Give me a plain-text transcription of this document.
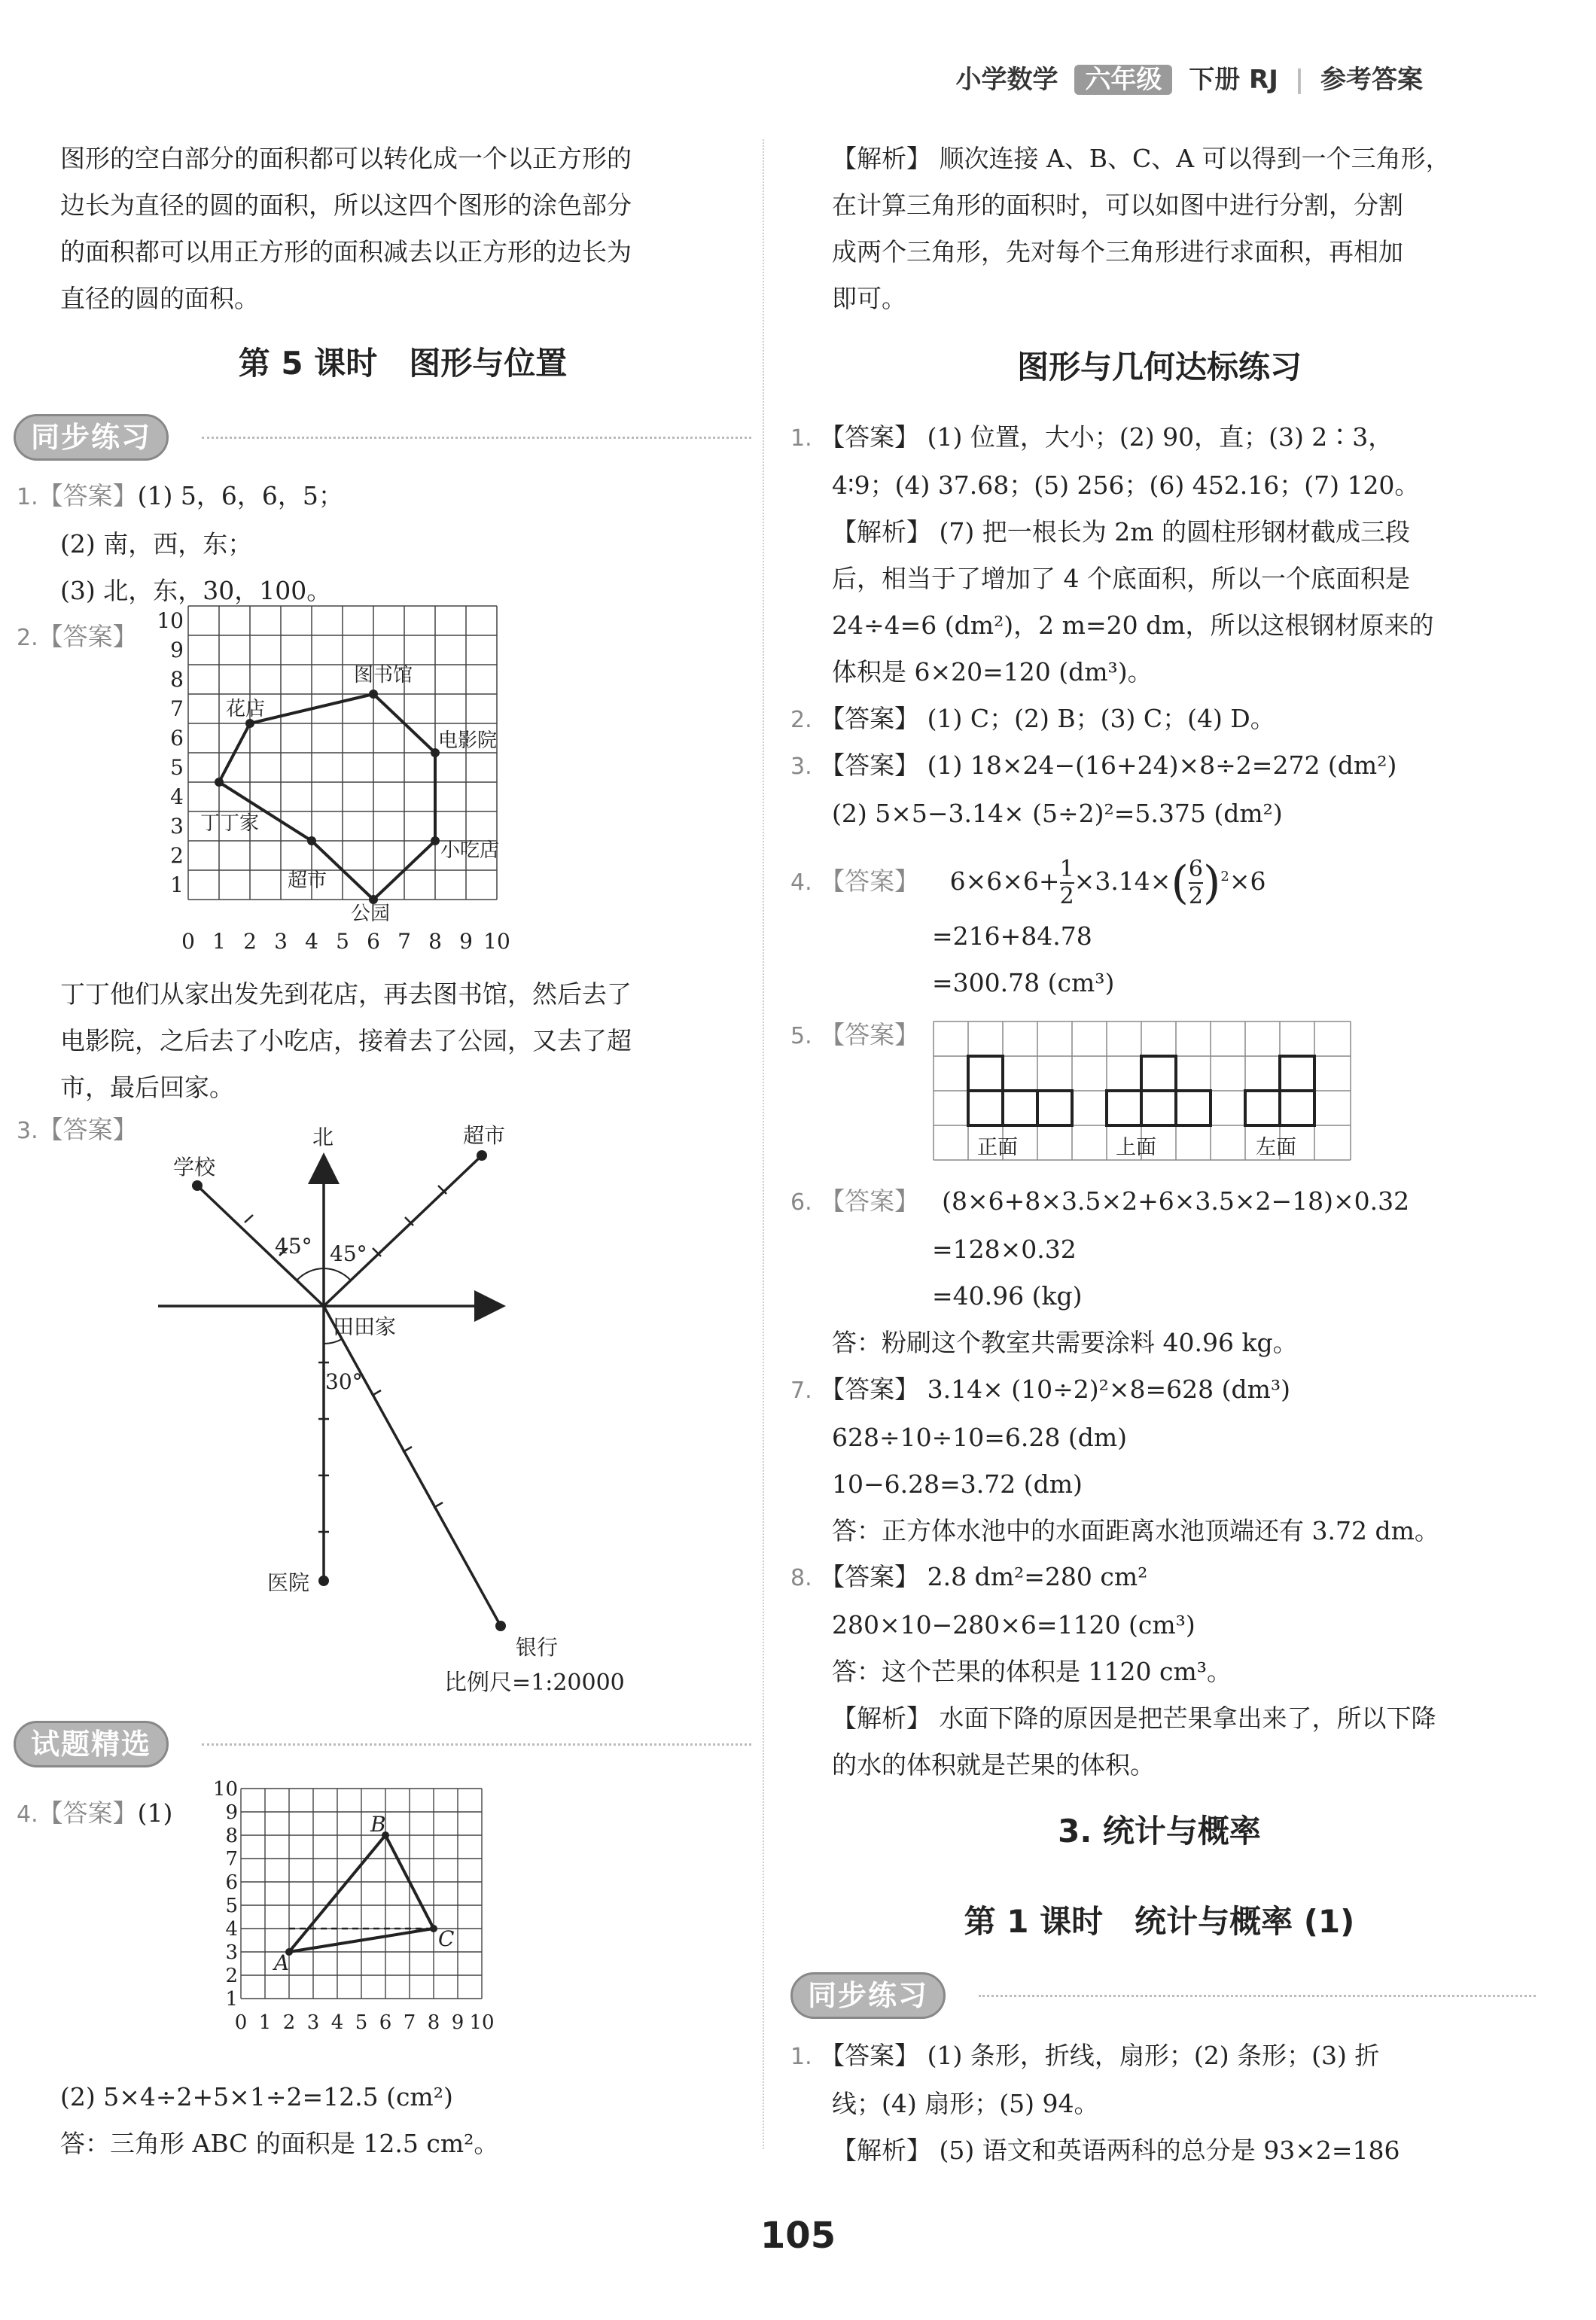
小学数学 六年级 下册 RJ | 参考答案

图形的空白部分的面积都可以转化成一个以正方形的

边长为直径的圆的面积，所以这四个图形的涂色部分

的面积都可以用正方形的面积减去以正方形的边长为

直径的圆的面积。

第 5 课时　图形与位置
同步练习

1.【答案】(1) 5，6，6，5；

(2) 南，西，东；

(3) 北，东，30，100。

2.【答案】

花店
图书馆
电影院
丁丁家
超市
小吃店
公园
10
9
8
7
6
5
4
3
2
1
0 1 2 3 4 5 6 7 8 9 10

丁丁他们从家出发先到花店，再去图书馆，然后去了

电影院，之后去了小吃店，接着去了公园，又去了超

市，最后回家。

3.【答案】	北
学校
超市
田田家
医院
银行
45° 45°
30°
比例尺=1:20000
试题精选

4.【答案】(1)

A
B
C
10
9
8
7
6
5
4
3
2
1
0 1 2 3 4 5 6 7 8 9 10

(2) 5×4÷2+5×1÷2=12.5 (cm²)

答：三角形 ABC 的面积是 12.5 cm²。

【解析】 顺次连接 A、B、C、A 可以得到一个三角形，

在计算三角形的面积时，可以如图中进行分割，分割

成两个三角形，先对每个三角形进行求面积，再相加

即可。

图形与几何达标练习

1. 【答案】 (1) 位置，大小；(2) 90，直；(3) 2∶3，

4∶9；(4) 37.68；(5) 256；(6) 452.16；(7) 120。

【解析】 (7) 把一根长为 2m 的圆柱形钢材截成三段

后，相当于了增加了 4 个底面积，所以一个底面积是

24÷4=6 (dm²)，2 m=20 dm，所以这根钢材原来的

体积是 6×20=120 (dm³)。

2. 【答案】 (1) C；(2) B；(3) C；(4) D。

3. 【答案】 (1) 18×24−(16+24)×8÷2=272 (dm²)

(2) 5×5−3.14× (5÷2)²=5.375 (dm²)

4. 【答案】 $6\times 6\times 6+ \frac{1}{2} \times 3.14\times( \frac{6}{2} )^2\times 6$

=216+84.78

=300.78 (cm³)

5. 【答案】

正面	上面	左面

6. 【答案】 (8×6+8×3.5×2+6×3.5×2−18)×0.32

=128×0.32

=40.96 (kg)

答：粉刷这个教室共需要涂料 40.96 kg。

7. 【答案】 3.14× (10÷2)²×8=628 (dm³)

628÷10÷10=6.28 (dm)

10−6.28=3.72 (dm)

答：正方体水池中的水面距离水池顶端还有 3.72 dm。

8. 【答案】 2.8 dm²=280 cm²

280×10−280×6=1120 (cm³)

答：这个芒果的体积是 1120 cm³。

【解析】 水面下降的原因是把芒果拿出来了，所以下降

的水的体积就是芒果的体积。

3. 统计与概率
第 1 课时　统计与概率 (1)
同步练习

1. 【答案】 (1) 条形，折线，扇形；(2) 条形；(3) 折

线；(4) 扇形；(5) 94。

【解析】 (5) 语文和英语两科的总分是 93×2=186

105
